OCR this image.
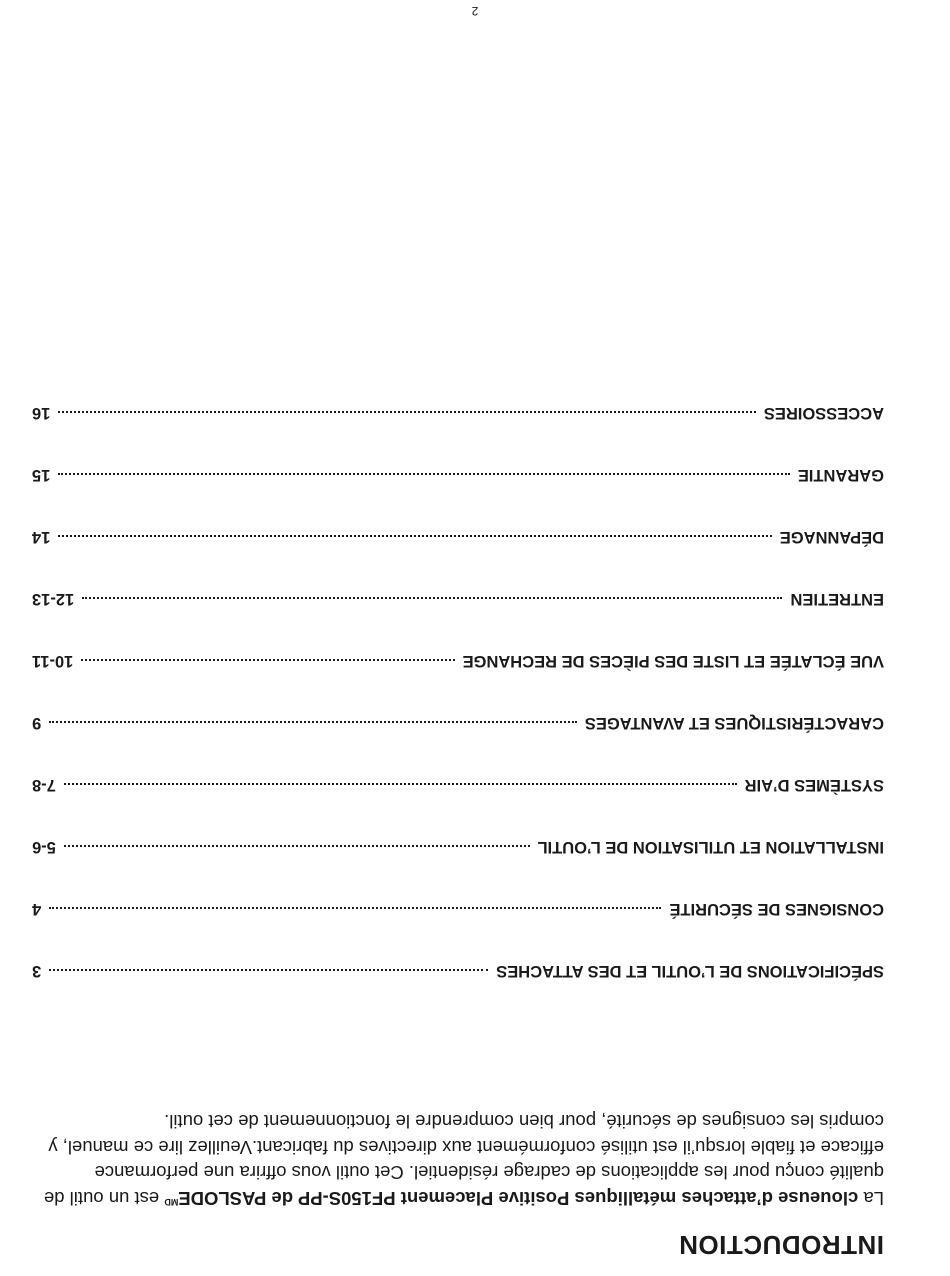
INTRODUCTION

La cloueuse d’attaches métalliques Positive Placement PF150S-PP de $PASLODE^{MD}$ est un outil de qualité conçu pour les applications de cadrage résidentiel. Cet outil vous offrira une performance efficace et fiable lorsqu’il est utilisé conformément aux directives du fabricant.Veuillez lire ce manuel, y compris les consignes de sécurité, pour bien comprendre le fonctionnement de cet outil.

SPÉCIFICATIONS DE L’OUTIL ET DES ATTACHES
3
CONSIGNES DE SÉCURITÉ
4
INSTALLATION ET UTILISATION DE L’OUTIL
5-6
SYSTÈMES D’AIR
7-8
CARACTÉRISTIQUES ET AVANTAGES
9
VUE ÉCLATÉE ET LISTE DES PIÈCES DE RECHANGE
10-11
ENTRETIEN
12-13
DÉPANNAGE
14
GARANTIE
15
ACCESSOIRES
16
2
